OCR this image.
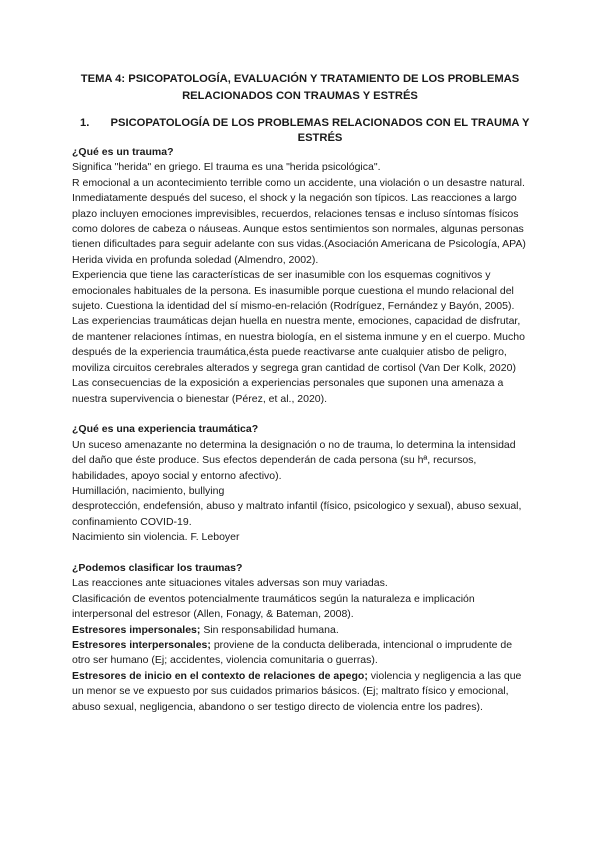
TEMA 4: PSICOPATOLOGÍA, EVALUACIÓN Y TRATAMIENTO DE LOS PROBLEMAS
RELACIONADOS CON TRAUMAS Y ESTRÉS
1.	PSICOPATOLOGÍA DE LOS PROBLEMAS RELACIONADOS CON EL TRAUMA Y
ESTRÉS

¿Qué es un trauma?

Significa "herida" en griego. El trauma es una "herida psicológica".

R emocional a un acontecimiento terrible como un accidente, una violación o un desastre natural. Inmediatamente después del suceso, el shock y la negación son típicos. Las reacciones a largo plazo incluyen emociones imprevisibles, recuerdos, relaciones tensas e incluso síntomas físicos como dolores de cabeza o náuseas. Aunque estos sentimientos son normales, algunas personas tienen dificultades para seguir adelante con sus vidas.(Asociación Americana de Psicología, APA)

Herida vivida en profunda soledad (Almendro, 2002).

Experiencia que tiene las características de ser inasumible con los esquemas cognitivos y emocionales habituales de la persona. Es inasumible porque cuestiona el mundo relacional del sujeto. Cuestiona la identidad del sí mismo-en-relación (Rodríguez, Fernández y Bayón, 2005).

Las experiencias traumáticas dejan huella en nuestra mente, emociones, capacidad de disfrutar, de mantener relaciones íntimas, en nuestra biología, en el sistema inmune y en el cuerpo. Mucho después de la experiencia traumática,ésta puede reactivarse ante cualquier atisbo de peligro, moviliza circuitos cerebrales alterados y segrega gran cantidad de cortisol (Van Der Kolk, 2020)

Las consecuencias de la exposición a experiencias personales que suponen una amenaza a nuestra supervivencia o bienestar (Pérez, et al., 2020).

¿Qué es una experiencia traumática?

Un suceso amenazante no determina la designación o no de trauma, lo determina la intensidad del daño que éste produce. Sus efectos dependerán de cada persona (su hª, recursos, habilidades, apoyo social y entorno afectivo).

Humillación, nacimiento, bullying

desprotección, endefensión, abuso y maltrato infantil (físico, psicologico y sexual), abuso sexual, confinamiento COVID-19.

Nacimiento sin violencia. F. Leboyer

¿Podemos clasificar los traumas?

Las reacciones ante situaciones vitales adversas son muy variadas.

Clasificación de eventos potencialmente traumáticos según la naturaleza e implicación interpersonal del estresor (Allen, Fonagy, & Bateman, 2008).

Estresores impersonales; Sin responsabilidad humana.

Estresores interpersonales; proviene de la conducta deliberada, intencional o imprudente de otro ser humano (Ej; accidentes, violencia comunitaria o guerras).

Estresores de inicio en el contexto de relaciones de apego; violencia y negligencia a las que un menor se ve expuesto por sus cuidados primarios básicos. (Ej; maltrato físico y emocional, abuso sexual, negligencia, abandono o ser testigo directo de violencia entre los padres).
